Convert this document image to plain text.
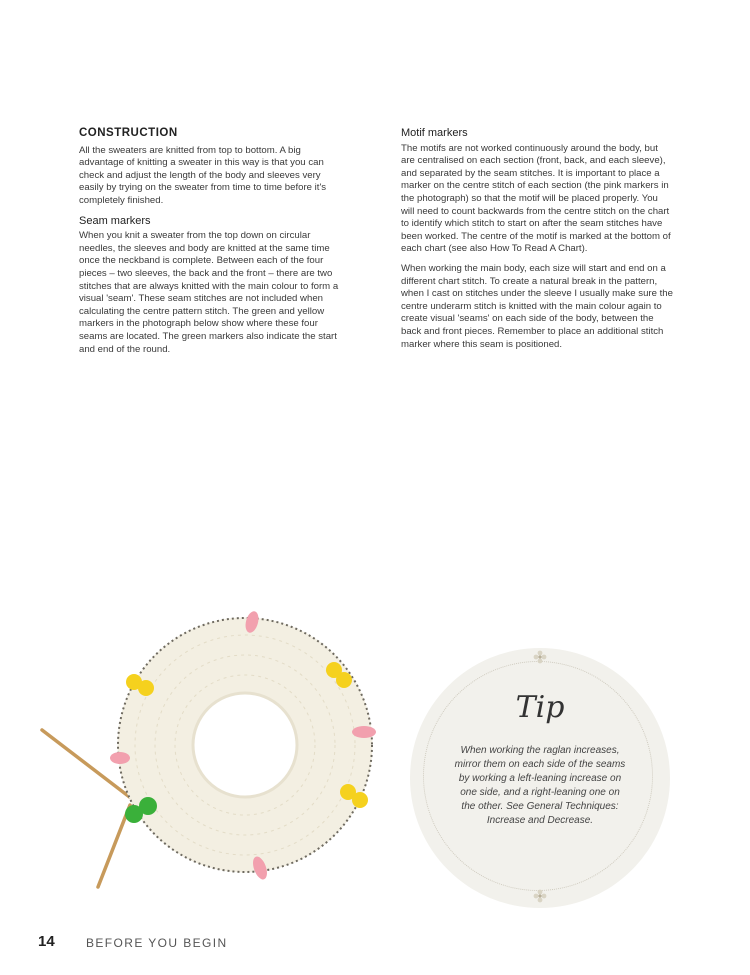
CONSTRUCTION

All the sweaters are knitted from top to bottom. A big advantage of knitting a sweater in this way is that you can check and adjust the length of the body and sleeves very easily by trying on the sweater from time to time before it's completely finished.

Seam markers

When you knit a sweater from the top down on circular needles, the sleeves and body are knitted at the same time once the neckband is complete. Between each of the four pieces – two sleeves, the back and the front – there are two stitches that are always knitted with the main colour to form a visual 'seam'. These seam stitches are not included when calculating the centre pattern stitch. The green and yellow markers in the photograph below show where these four seams are located. The green markers also indicate the start and end of the round.

Motif markers

The motifs are not worked continuously around the body, but are centralised on each section (front, back, and each sleeve), and separated by the seam stitches. It is important to place a marker on the centre stitch of each section (the pink markers in the photograph) so that the motif will be placed properly. You will need to count backwards from the centre stitch on the chart to identify which stitch to start on after the seam stitches have been worked. The centre of the motif is marked at the bottom of each chart (see also How To Read A Chart).

When working the main body, each size will start and end on a different chart stitch. To create a natural break in the pattern, when I cast on stitches under the sleeve I usually make sure the centre underarm stitch is knitted with the main colour again to create visual 'seams' on each side of the body, between the back and front pieces. Remember to place an additional stitch marker where this seam is positioned.

Tip
When working the raglan increases, mirror them on each side of the seams by working a left-leaning increase on one side, and a right-leaning one on the other. See General Techniques: Increase and Decrease.
14	BEFORE YOU BEGIN
